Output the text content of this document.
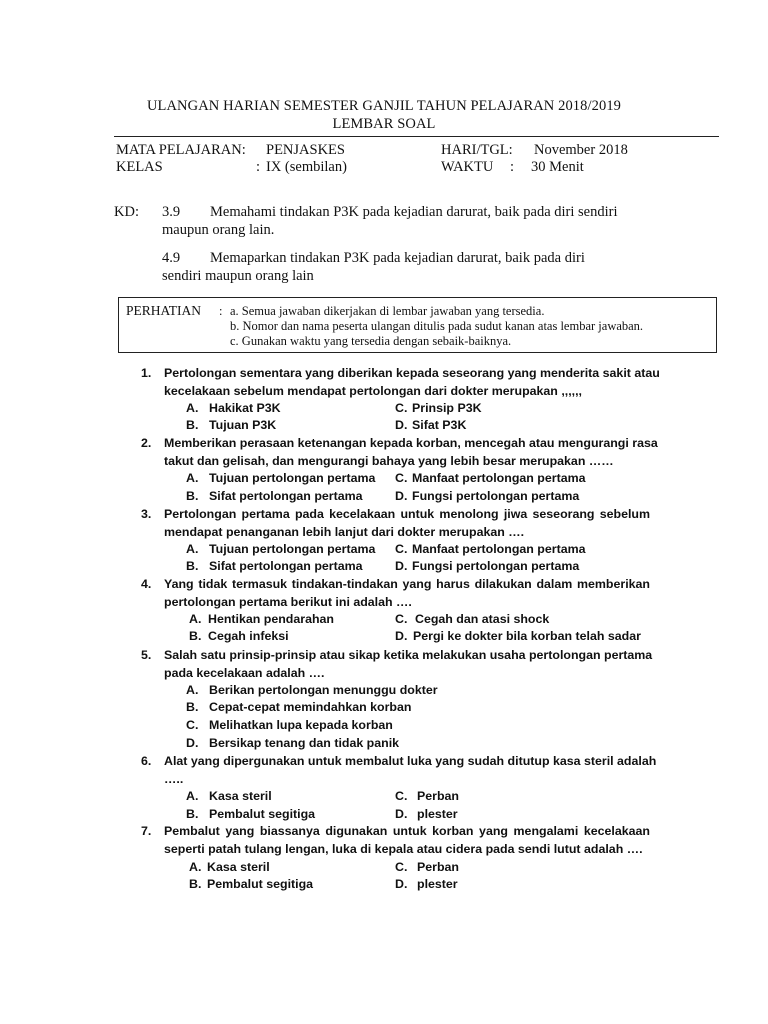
ULANGAN HARIAN SEMESTER GANJIL TAHUN PELAJARAN 2018/2019
LEMBAR SOAL
MATA PELAJARAN: PENJASKES	HARI/TGL: November 2018
KELAS	: IX (sembilan)	WAKTU : 30 Menit
KD: 3.9 Memahami tindakan P3K pada kejadian darurat, baik pada diri sendiri
maupun orang lain.
4.9 Memaparkan tindakan P3K pada kejadian darurat, baik pada diri
sendiri maupun orang lain
PERHATIAN : a. Semua jawaban dikerjakan di lembar jawaban yang tersedia.
b. Nomor dan nama peserta ulangan ditulis pada sudut kanan atas lembar jawaban.
c. Gunakan waktu yang tersedia dengan sebaik-baiknya.
1. Pertolongan sementara yang diberikan kepada seseorang yang menderita sakit atau
kecelakaan sebelum mendapat pertolongan dari dokter merupakan ,,,,,,
A. Hakikat P3K	C. Prinsip P3K
B. Tujuan P3K	D. Sifat P3K
2. Memberikan perasaan ketenangan kepada korban, mencegah atau mengurangi rasa
takut dan gelisah, dan mengurangi bahaya yang lebih besar merupakan ……
A. Tujuan pertolongan pertama C. Manfaat pertolongan pertama
B. Sifat pertolongan pertama	D. Fungsi pertolongan pertama
3. Pertolongan pertama pada kecelakaan untuk menolong jiwa seseorang sebelum
mendapat penanganan lebih lanjut dari dokter merupakan ….
A. Tujuan pertolongan pertama C. Manfaat pertolongan pertama
B. Sifat pertolongan pertama	D. Fungsi pertolongan pertama
4. Yang tidak termasuk tindakan-tindakan yang harus dilakukan dalam memberikan
pertolongan pertama berikut ini adalah ….
A. Hentikan pendarahan	C. Cegah dan atasi shock
B. Cegah infeksi	D. Pergi ke dokter bila korban telah sadar
5. Salah satu prinsip-prinsip atau sikap ketika melakukan usaha pertolongan pertama
pada kecelakaan adalah ….
A. Berikan pertolongan menunggu dokter
B. Cepat-cepat memindahkan korban
C. Melihatkan lupa kepada korban
D. Bersikap tenang dan tidak panik
6. Alat yang dipergunakan untuk membalut luka yang sudah ditutup kasa steril adalah
…..
A. Kasa steril	C. Perban
B. Pembalut segitiga	D. plester
7. Pembalut yang biassanya digunakan untuk korban yang mengalami kecelakaan
seperti patah tulang lengan, luka di kepala atau cidera pada sendi lutut adalah ….
A. Kasa steril	C. Perban
B. Pembalut segitiga	D. plester
